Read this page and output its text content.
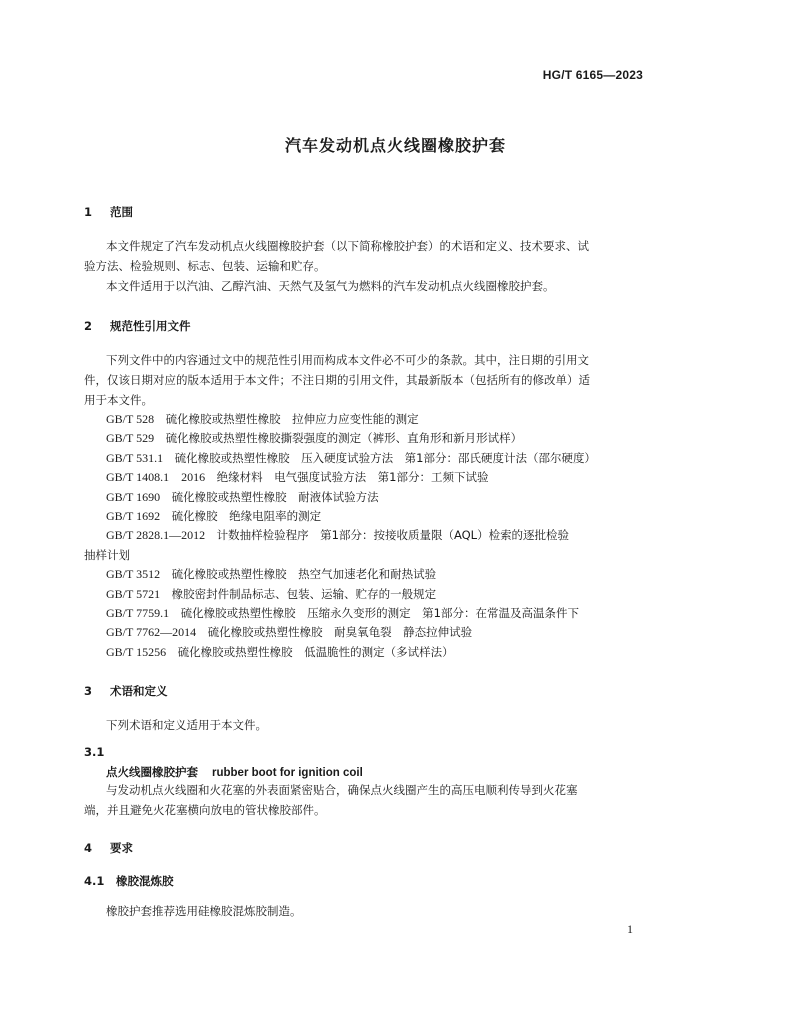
HG/T 6165—2023
汽车发动机点火线圈橡胶护套
1 范围
本文件规定了汽车发动机点火线圈橡胶护套（以下简称橡胶护套）的术语和定义、技术要求、试
验方法、检验规则、标志、包装、运输和贮存。
本文件适用于以汽油、乙醇汽油、天然气及氢气为燃料的汽车发动机点火线圈橡胶护套。
2 规范性引用文件
下列文件中的内容通过文中的规范性引用而构成本文件必不可少的条款。其中，注日期的引用文
件，仅该日期对应的版本适用于本文件；不注日期的引用文件，其最新版本（包括所有的修改单）适
用于本文件。
GB/T 528　 硫化橡胶或热塑性橡胶　拉伸应力应变性能的测定
GB/T 529　 硫化橡胶或热塑性橡胶撕裂强度的测定（裤形、直角形和新月形试样）
GB/T 531.1　 硫化橡胶或热塑性橡胶　压入硬度试验方法　第1部分：邵氏硬度计法（邵尔硬度）
GB/T 1408.1　2016　 绝缘材料　电气强度试验方法　第1部分：工频下试验
GB/T 1690　 硫化橡胶或热塑性橡胶　耐液体试验方法
GB/T 1692　 硫化橡胶　绝缘电阻率的测定
GB/T 2828.1—2012　 计数抽样检验程序　第1部分：按接收质量限（AQL）检索的逐批检验
抽样计划
GB/T 3512　 硫化橡胶或热塑性橡胶　热空气加速老化和耐热试验
GB/T 5721　 橡胶密封件制品标志、包装、运输、贮存的一般规定
GB/T 7759.1　 硫化橡胶或热塑性橡胶　压缩永久变形的测定　第1部分：在常温及高温条件下
GB/T 7762—2014　 硫化橡胶或热塑性橡胶　耐臭氧龟裂　静态拉伸试验
GB/T 15256　 硫化橡胶或热塑性橡胶　低温脆性的测定（多试样法）
3 术语和定义
下列术语和定义适用于本文件。
3.1
点火线圈橡胶护套 rubber boot for ignition coil
与发动机点火线圈和火花塞的外表面紧密贴合，确保点火线圈产生的高压电顺利传导到火花塞
端，并且避免火花塞横向放电的管状橡胶部件。
4 要求
4.1 橡胶混炼胶
橡胶护套推荐选用硅橡胶混炼胶制造。
1
